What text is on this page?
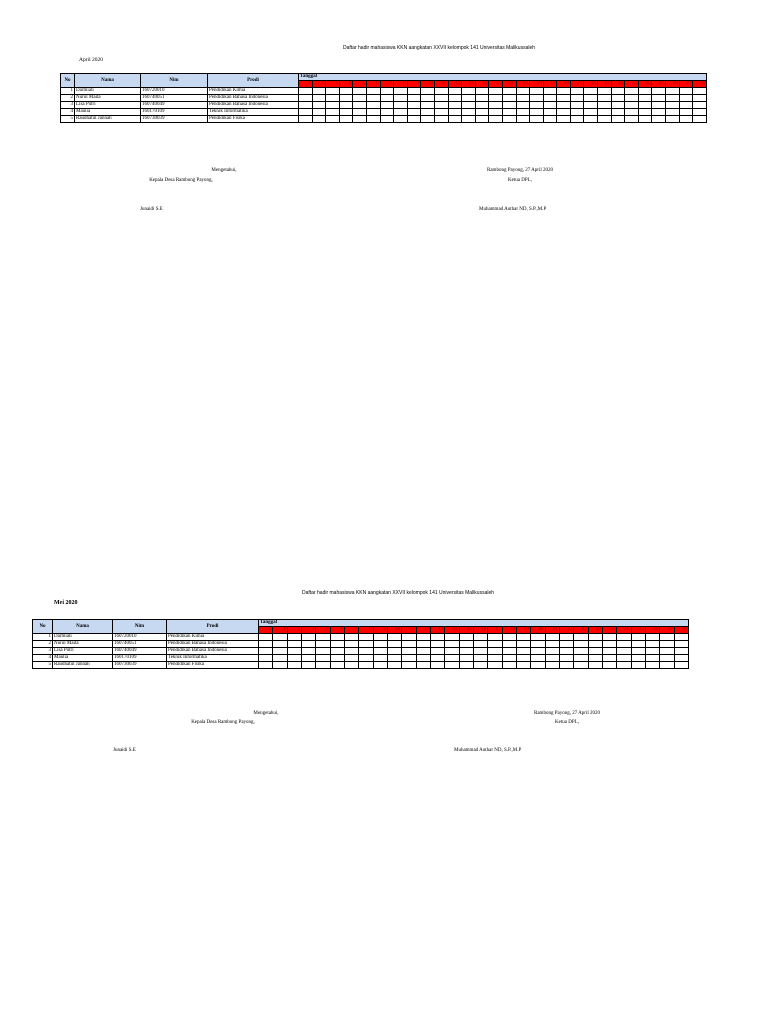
Daftar hadir mahasiswa KKN aangkatan XXVII kelompok 141 Universitas Malikussaleh
April 2020
No	Nama	Nim	Prodi	Tanggal																													
				1	2	3	4	5	6	7	8	9	10	11	12	13	14	15	16	17	18	19	20	21	22	23	24	25	26	27	28	29	30
1	Darmiati	160720010	Pendidikan Kimia																														
2	Nurul Maita	160740051	Pendidikan Bahasa Indonesia																														
3	Lisa Putri	160740049	Pendidikan Bahasa Indonesia																														
4	Maulia	160170109	Teknik Informatika																														
5	Raudhatul Jannah	160730039	Pendidikan Fisika																														
Mengetahui,
Kepala Desa Rambong Payong,
Rambong Payong, 27 April 2020
Ketua DPL,
Junaidi S.E	Muhammad Authar ND, S.P.,M.P
Daftar hadir mahasiswa KKN aangkatan XXVII kelompok 141 Universitas Malikussaleh
Mei 2020
No	Nama	Nim	Prodi	Tanggal																													
				1	2	3	4	5	6	7	8	9	10	11	12	13	14	15	16	17	18	19	20	21	22	23	24	25	26	27	28	29	30
1	Darmiati	160720010	Pendidikan Kimia																														
2	Nurul Maita	160740051	Pendidikan Bahasa Indonesia																														
3	Lisa Putri	160740049	Pendidikan Bahasa Indonesia																														
4	Maulia	160170109	Teknik Informatika																														
5	Raudhatul Jannah	160730039	Pendidikan Fisika																														
Mengetahui,
Kepala Desa Rambong Payong,
Rambong Payong, 27 April 2020
Ketua DPL,
Junaidi S.E	Muhammad Authar ND, S.P.,M.P
